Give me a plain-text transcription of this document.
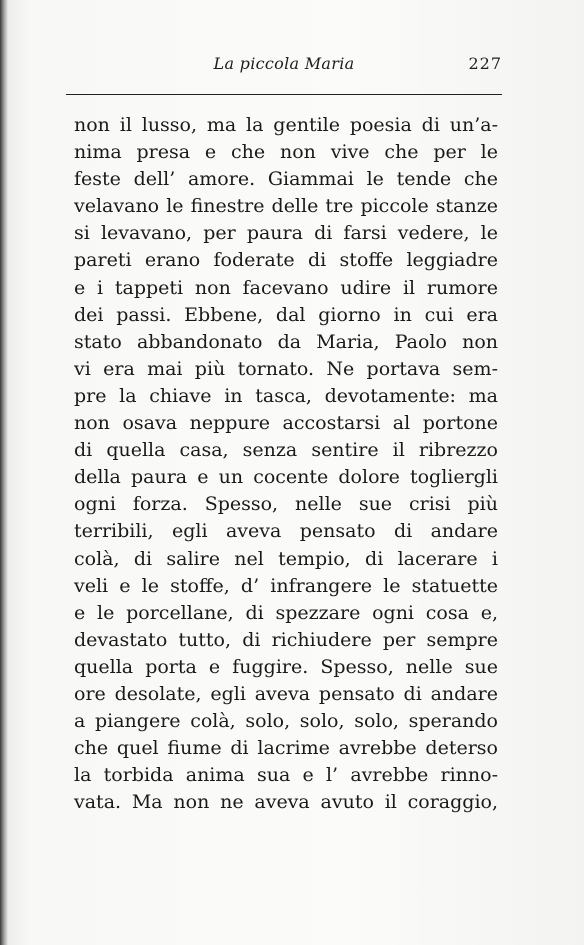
La piccola Maria	227
non il lusso, ma la gentile poesia di un’a-
nima presa e che non vive che per le
feste dell’ amore. Giammai le tende che
velavano le finestre delle tre piccole stanze
si levavano, per paura di farsi vedere, le
pareti erano foderate di stoffe leggiadre
e i tappeti non facevano udire il rumore
dei passi. Ebbene, dal giorno in cui era
stato abbandonato da Maria, Paolo non
vi era mai più tornato. Ne portava sem-
pre la chiave in tasca, devotamente: ma
non osava neppure accostarsi al portone
di quella casa, senza sentire il ribrezzo
della paura e un cocente dolore togliergli
ogni forza. Spesso, nelle sue crisi più
terribili, egli aveva pensato di andare
colà, di salire nel tempio, di lacerare i
veli e le stoffe, d’ infrangere le statuette
e le porcellane, di spezzare ogni cosa e,
devastato tutto, di richiudere per sempre
quella porta e fuggire. Spesso, nelle sue
ore desolate, egli aveva pensato di andare
a piangere colà, solo, solo, solo, sperando
che quel fiume di lacrime avrebbe deterso
la torbida anima sua e l’ avrebbe rinno-
vata. Ma non ne aveva avuto il coraggio,
